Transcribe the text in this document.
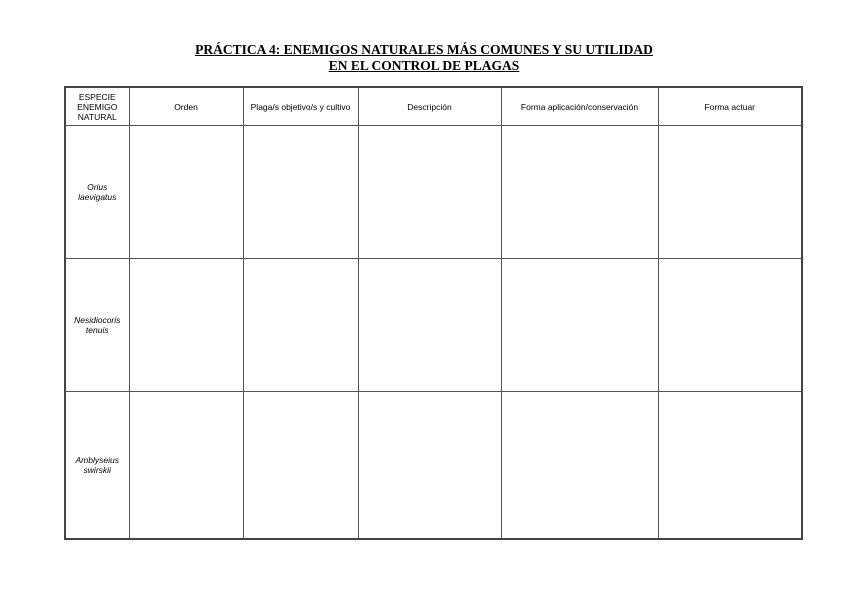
PRÁCTICA 4: ENEMIGOS NATURALES MÁS COMUNES Y SU UTILIDAD
EN EL CONTROL DE PLAGAS
ESPECIE
ENEMIGO
NATURAL	Orden	Plaga/s objetivo/s y cultivo	Descripción	Forma aplicación/conservación	Forma actuar

Orius
laevigatus					

Nesidiocoris
tenuis					

Amblyseius
swirskii					
